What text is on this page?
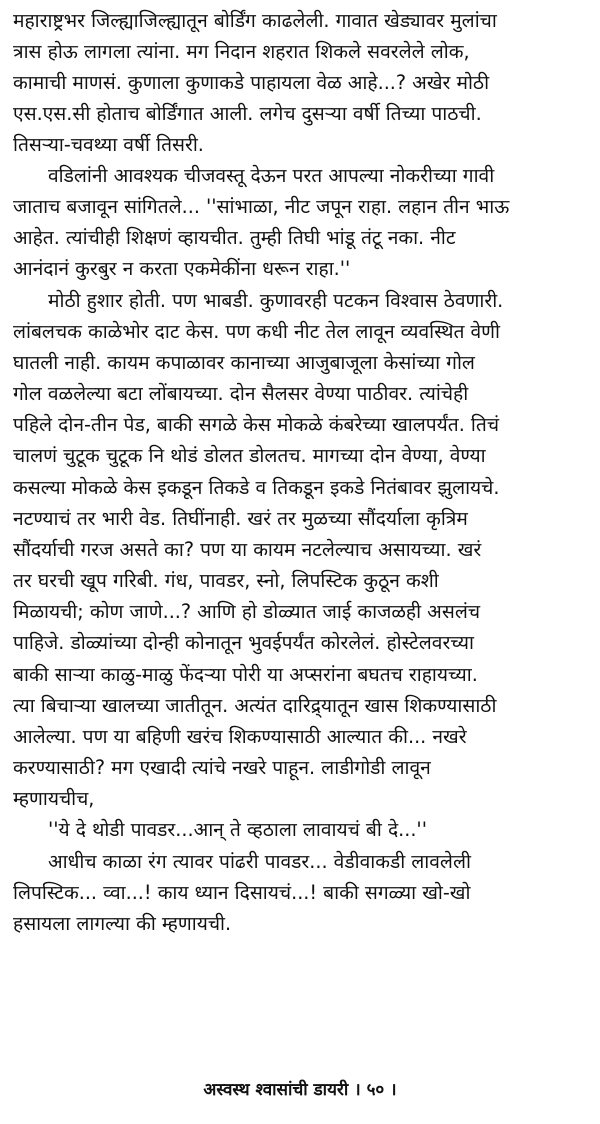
महाराष्ट्रभर जिल्ह्याजिल्ह्यातून बोर्डिंग काढलेली. गावात खेड्यावर मुलांचा
त्रास होऊ लागला त्यांना. मग निदान शहरात शिकले सवरलेले लोक,
कामाची माणसं. कुणाला कुणाकडे पाहायला वेळ आहे...? अखेर मोठी
एस.एस.सी होताच बोर्डिंगात आली. लगेच दुसऱ्या वर्षी तिच्या पाठची.
तिसऱ्या-चवथ्या वर्षी तिसरी.
वडिलांनी आवश्यक चीजवस्तू देऊन परत आपल्या नोकरीच्या गावी
जाताच बजावून सांगितले... ''सांभाळा, नीट जपून राहा. लहान तीन भाऊ
आहेत. त्यांचीही शिक्षणं व्हायचीत. तुम्ही तिघी भांडू तंटू नका. नीट
आनंदानं कुरबुर न करता एकमेकींना धरून राहा.''
मोठी हुशार होती. पण भाबडी. कुणावरही पटकन विश्वास ठेवणारी.
लांबलचक काळेभोर दाट केस. पण कधी नीट तेल लावून व्यवस्थित वेणी
घातली नाही. कायम कपाळावर कानाच्या आजुबाजूला केसांच्या गोल
गोल वळलेल्या बटा लोंबायच्या. दोन सैलसर वेण्या पाठीवर. त्यांचेही
पहिले दोन-तीन पेड, बाकी सगळे केस मोकळे कंबरेच्या खालपर्यंत. तिचं
चालणं चुटूक चुटूक नि थोडं डोलत डोलतच. मागच्या दोन वेण्या, वेण्या
कसल्या मोकळे केस इकडून तिकडे व तिकडून इकडे नितंबावर झुलायचे.
नटण्याचं तर भारी वेड. तिघींनाही. खरं तर मुळच्या सौंदर्याला कृत्रिम
सौंदर्याची गरज असते का? पण या कायम नटलेल्याच असायच्या. खरं
तर घरची खूप गरिबी. गंध, पावडर, स्नो, लिपस्टिक कुठून कशी
मिळायची; कोण जाणे...? आणि हो डोळ्यात जाई काजळही असलंच
पाहिजे. डोळ्यांच्या दोन्ही कोनातून भुवईपर्यंत कोरलेलं. होस्टेलवरच्या
बाकी साऱ्या काळु-माळु फेंदऱ्या पोरी या अप्सरांना बघतच राहायच्या.
त्या बिचाऱ्या खालच्या जातीतून. अत्यंत दारिद्र्यातून खास शिकण्यासाठी
आलेल्या. पण या बहिणी खरंच शिकण्यासाठी आल्यात की... नखरे
करण्यासाठी? मग एखादी त्यांचे नखरे पाहून. लाडीगोडी लावून
म्हणायचीच,
''ये दे थोडी पावडर...आन् ते व्हठाला लावायचं बी दे...''
आधीच काळा रंग त्यावर पांढरी पावडर... वेडीवाकडी लावलेली
लिपस्टिक... व्वा...! काय ध्यान दिसायचं...! बाकी सगळ्या खो-खो
हसायला लागल्या की म्हणायची.
अस्वस्थ श्वासांची डायरी । ५० ।
